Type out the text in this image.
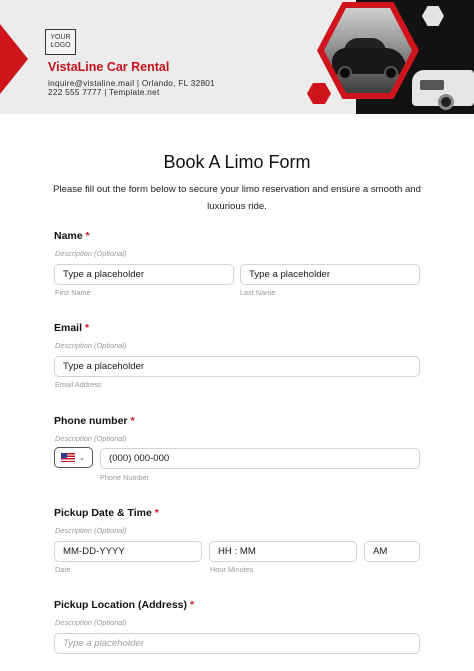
YOUR LOGO
VistaLine Car Rental
inquire@vistaline.mail | Orlando, FL 32801
222 555 7777 | Template.net
Book A Limo Form
Please fill out the form below to secure your limo reservation and ensure a smooth and luxurious ride.
Name *
Description (Optional)
Type a placeholder
First Name
Type a placeholder
Last Name
Email *
Description (Optional)
Type a placeholder
Email Address
Phone number *
Description (Optional)
⌄	(000) 000-000
Phone Number
Pickup Date & Time *
Description (Optional)
MM-DD-YYYY
Date
HH : MM
Hour Minutes
AM
Pickup Location (Address) *
Description (Optional)
Type a placeholder
